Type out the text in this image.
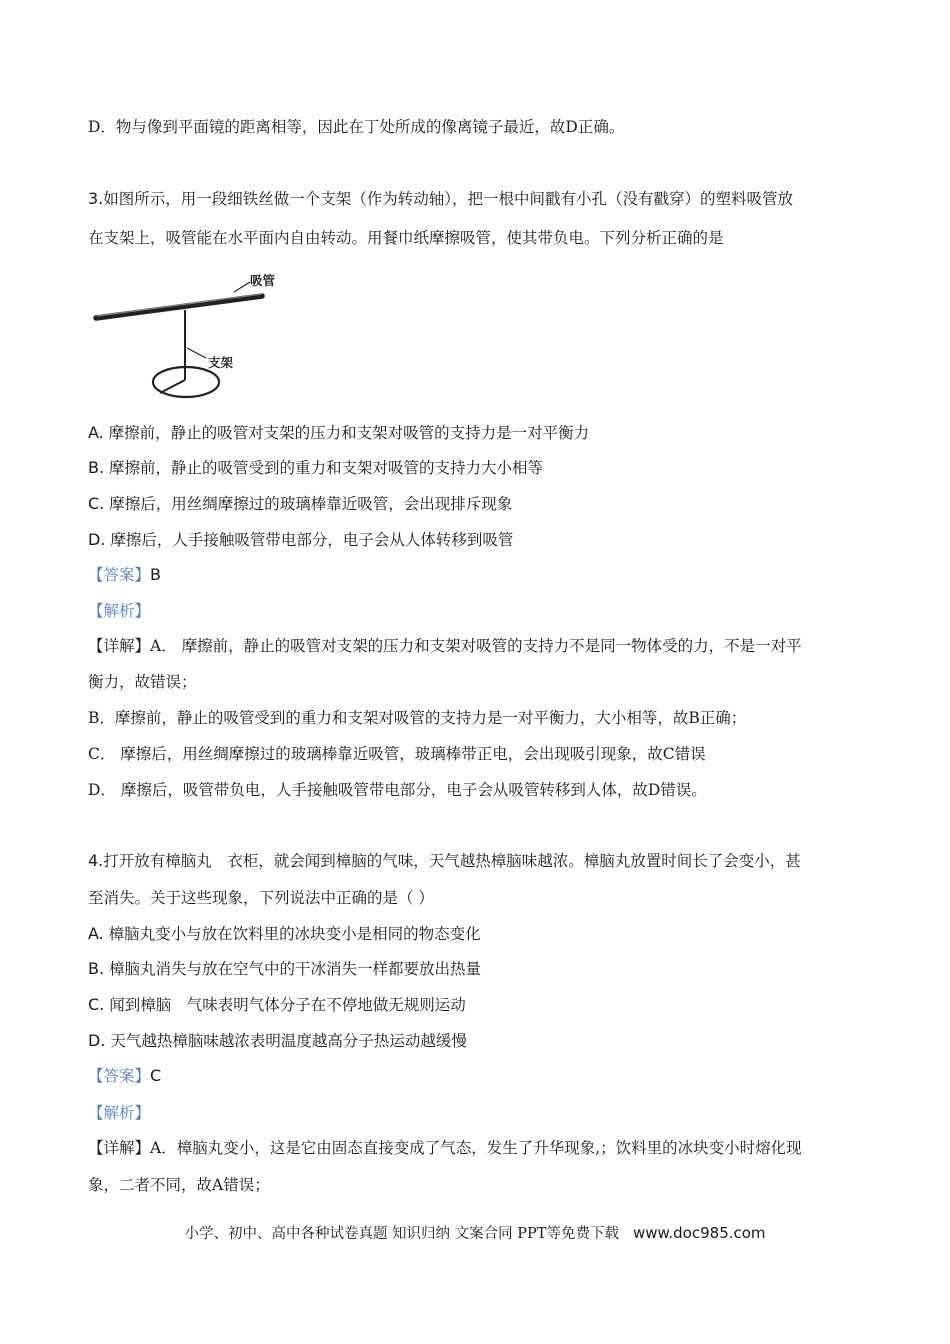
D．物与像到平面镜的距离相等，因此在丁处所成的像离镜子最近，故D正确。
3.如图所示，用一段细铁丝做一个支架（作为转动轴），把一根中间戳有小孔（没有戳穿）的塑料吸管放
在支架上，吸管能在水平面内自由转动。用餐巾纸摩擦吸管，使其带负电。下列分析正确的是
吸管
支架
A. 摩擦前，静止的吸管对支架的压力和支架对吸管的支持力是一对平衡力
B. 摩擦前，静止的吸管受到的重力和支架对吸管的支持力大小相等
C. 摩擦后，用丝绸摩擦过的玻璃棒靠近吸管，会出现排斥现象
D. 摩擦后，人手接触吸管带电部分，电子会从人体转移到吸管
【答案】B
【解析】
【详解】A． 摩擦前，静止的吸管对支架的压力和支架对吸管的支持力不是同一物体受的力，不是一对平
衡力，故错误；
B．摩擦前，静止的吸管受到的重力和支架对吸管的支持力是一对平衡力，大小相等，故B正确；
C． 摩擦后，用丝绸摩擦过的玻璃棒靠近吸管，玻璃棒带正电，会出现吸引现象，故C错误
D． 摩擦后，吸管带负电，人手接触吸管带电部分，电子会从吸管转移到人体，故D错误。
4.打开放有樟脑丸　衣柜，就会闻到樟脑的气味，天气越热樟脑味越浓。樟脑丸放置时间长了会变小，甚
至消失。关于这些现象，下列说法中正确的是（ ）
A. 樟脑丸变小与放在饮料里的冰块变小是相同的物态变化
B. 樟脑丸消失与放在空气中的干冰消失一样都要放出热量
C. 闻到樟脑　气味表明气体分子在不停地做无规则运动
D. 天气越热樟脑味越浓表明温度越高分子热运动越缓慢
【答案】C
【解析】
【详解】A．樟脑丸变小，这是它由固态直接变成了气态，发生了升华现象,；饮料里的冰块变小时熔化现
象，二者不同，故A错误；
小学、初中、高中各种试卷真题 知识归纳 文案合同 PPT等免费下载 www.doc985.com
